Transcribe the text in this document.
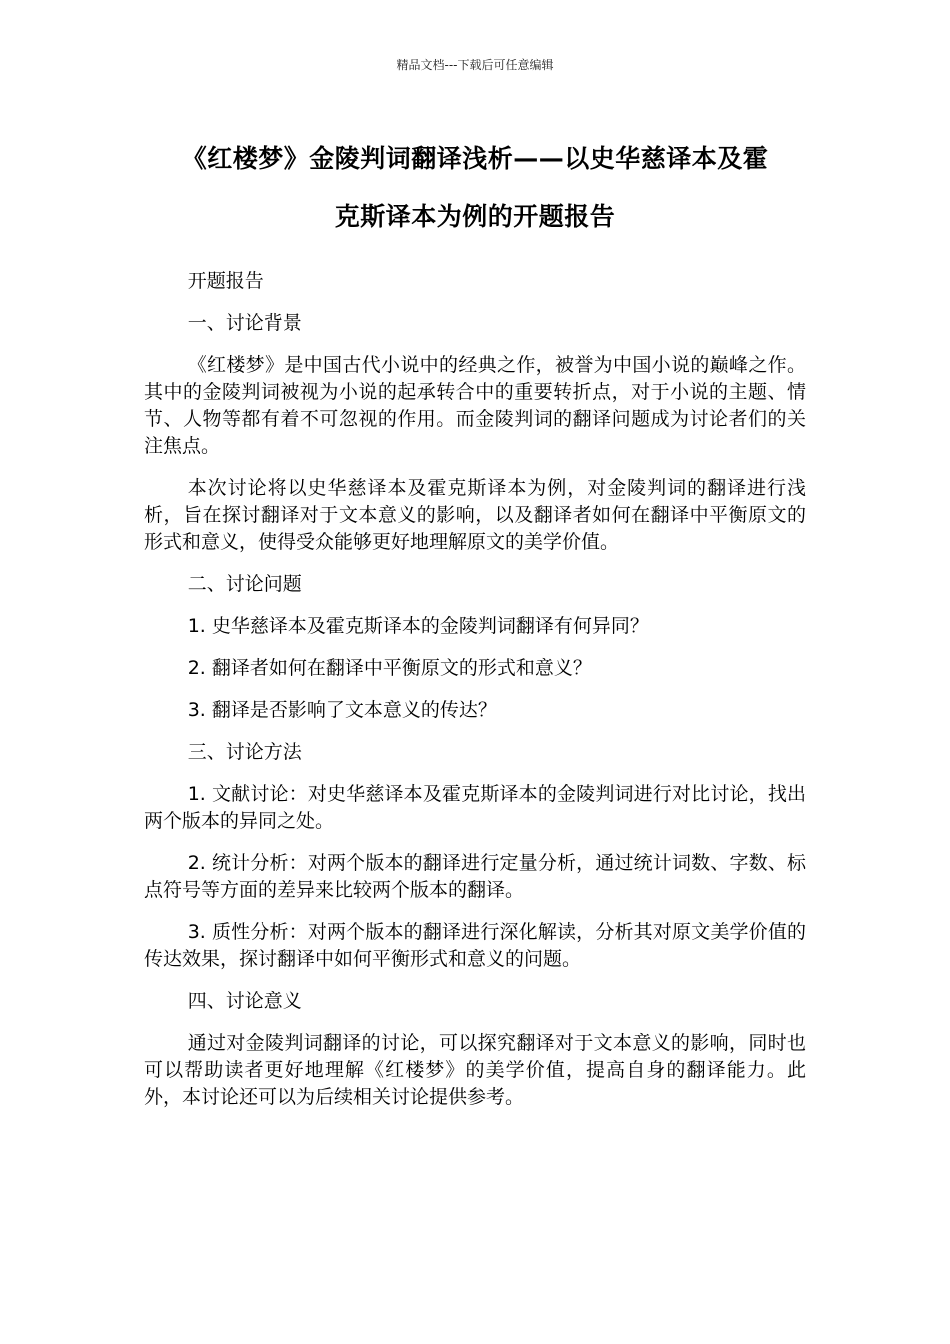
精品文档---下载后可任意编辑
《红楼梦》金陵判词翻译浅析——以史华慈译本及霍
克斯译本为例的开题报告

开题报告

一、讨论背景

《红楼梦》是中国古代小说中的经典之作，被誉为中国小说的巅峰之作。其中的金陵判词被视为小说的起承转合中的重要转折点，对于小说的主题、情节、人物等都有着不可忽视的作用。而金陵判词的翻译问题成为讨论者们的关注焦点。

本次讨论将以史华慈译本及霍克斯译本为例，对金陵判词的翻译进行浅析，旨在探讨翻译对于文本意义的影响，以及翻译者如何在翻译中平衡原文的形式和意义，使得受众能够更好地理解原文的美学价值。

二、讨论问题

1. 史华慈译本及霍克斯译本的金陵判词翻译有何异同？

2. 翻译者如何在翻译中平衡原文的形式和意义？

3. 翻译是否影响了文本意义的传达？

三、讨论方法

1. 文献讨论：对史华慈译本及霍克斯译本的金陵判词进行对比讨论，找出两个版本的异同之处。

2. 统计分析：对两个版本的翻译进行定量分析，通过统计词数、字数、标点符号等方面的差异来比较两个版本的翻译。

3. 质性分析：对两个版本的翻译进行深化解读，分析其对原文美学价值的传达效果，探讨翻译中如何平衡形式和意义的问题。

四、讨论意义

通过对金陵判词翻译的讨论，可以探究翻译对于文本意义的影响，同时也可以帮助读者更好地理解《红楼梦》的美学价值，提高自身的翻译能力。此外，本讨论还可以为后续相关讨论提供参考。
